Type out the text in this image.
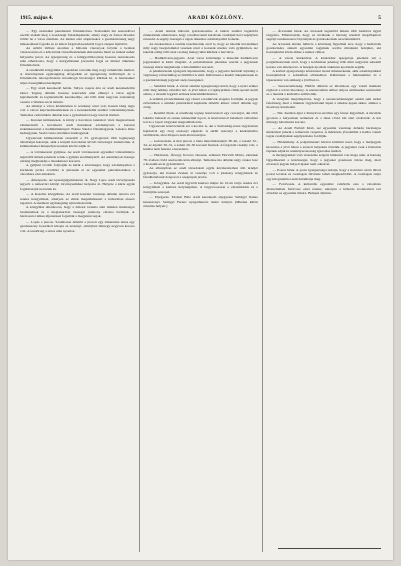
1915. május 4.	ARADI KÖZLÖNY.	5

— Egy szabadkai pénzintézet fölszámolása. Szabadkán hat esztendővel ezelőtt alakult meg a Gazdasági Takarékpénztár, amely nagy és fontos hivatást töltött be a város életében. Az intézet első alapításakor a gazdaközönség nagy lelkesedéssel fogadta és az üzleti forgalom kezdettől fogva szépen fejlődött.

Az utóbbi időben azonban a háborús viszonyok folytán a betétek visszavonása és a kölcsönök visszafizetésének elmaradása miatt az intézet nehéz helyzetbe jutott. Az igazgatóság és a felügyelőbizottság hosszas tanácskozás után elhatározta, hogy a közgyűlésnek javasolni fogja az intézet önkéntes fölszámolását.

A rendkívüli közgyűlést a napokban tartották meg nagy érdeklődés mellett. A részvényesek egyhangúlag elfogadták az igazgatóság indítványát és a fölszámolás lebonyolítására háromtagú bizottságot küldtek ki. A betéteseket teljes összegükben kielégítik.

— Egy aradi kereskedő halála. Súlyos csapás érte az aradi kereskedelmi életet. Tegnap délután hosszas szenvedés után elhunyt a város egyik legismertebb és legtiszteltebb kereskedője, aki több mint negyven esztendeig vezette a Weitzer-utcai üzletét.

Az elhunyt a város közéletében is tevékeny részt vett; hosszú ideig tagja volt a városi képviselőtestületnek és a kereskedelmi testület választmányának. Temetése csütörtökön délután lesz a gyászházból nagy részvét mellett.

— Katonai kitüntetések. A király a harctéren tanúsított vitéz magatartásuk elismeréséül a következő aradi tiszteknek adományozta a katonai érdemkeresztet a hadiékítménnyel: Fekete Sándor főhadnagynak, Lakatos Imre hadnagynak, Szabó Géza tartalékos hadnagynak.

Ugyancsak kitüntetésben részesült a 33. gyalogezred több legénységi állományú katonája, akik a kárpáti harcokban kiváló bátorságot tanúsítottak. A kitüntetéseket ünnepélyes keretek között adják át.

— A vöröskereszt gyűjtése. Az aradi vöröskereszt egyesület választmánya legutóbbi ülésén jelentést tettek a gyűjtés eredményéről. Az adományok összege ezideig meghaladja a tizenkétezer koronát.

A gyűjtést tovább folytatják és kérik a közönséget, hogy adományaikat a kórházak javára továbbra is juttassák el az egyesület pénztárnokához a városháza első emeletén.

— Áthelyezés. Az igazságügyminiszter dr. Nagy Lajos aradi törvényszéki jegyzőt a temesvári királyi törvényszékhez helyezte át. Helyére a kúria egyik fogalmazóját nevezték ki.

— A Kaszinó közgyűlése. Az aradi kaszinó vasárnap délután tartotta évi rendes közgyűlését, amelyen az elnök megemlékezett a háborúban elesett tagokról. A tisztikart egyhangúlag újraválasztották.

A közgyűlés elhatározta, hogy a háború tartama alatt minden mulatságot beszüntetnek és a megtakarított összeget jótékony célokra fordítják. A határozatot lelkes éljenzéssel fogadták a megjelent tagok.

— Lopás a piacon. Szombaton délelőtt a piacon egy ismeretlen tettes egy gazdasszony kosarából kilopta az erszényt, amelyben mintegy negyven korona volt. A rendőrség a tettes után nyomoz.

— Aradi tanítók háborús gondoskodása. A tanítói testület legutóbbi értekezletén elhatározta, hogy a hadbavonult kartársak családjait havi segélyben részesíti. A segély összegét a tagok önkéntes adományaiból fedezik.

Az értekezleten a tanítók beszámoltak arról is, hogy az iskolák növendékei mily nagy buzgalommal vesznek részt a katonák részére való gyűjtésben. Az iskolák eddig több száz csomag meleg ruhát küldtek a harctérre.

— Hadikölcsön-jegyzés. Arad város közönsége a második hadikölcsön jegyzésénél is kitett magáért. A pénzintézetek jelentése szerint a jegyzések összege máris meghaladja a hárommillió koronát.

A pénzintézetek igazgatói kijelentették, hogy a jegyzési határidő lejártáig a végösszeg valószínűleg az ötmilliót is eléri. Különösen a kisebb tőkepénzesek és a gazdaközönség jegyzett szép összegeket.

— Színházi hírek. A városi színház igazgatósága közli, hogy a nyári szünet előtt még néhány előadást tart. A jövő héten a Cigányprímás című operett kerül színre, a társulat legjobb erőinek közreműködésével.

A színház jövedelmének egy részét a hadiárvák alapjára fordítják. A jegyek elővételben a színház pénztáránál kaphatók délelőtt kilenc órától délután egy óráig.

— Rendőri hírek. A rendőrség tegnap letartóztatott egy csavargót, aki több lakásba behatolt és onnan ruhaneműt lopott. A letartóztatott beismerő vallomást tett és a lopott tárgyakat megtalálták nála.

Ugyancsak letartóztatták azt a kocsist is, aki a Szabadság-téren vigyázatlan hajtásával egy öreg asszonyt elgázolt. A sérült asszonyt a közkórházba szállították, ahol állapota nem életveszélyes.

— Gabonaárak. A mai piacon a búza métermázsájáért 38–40, a rozsért 32–34, az árpáért 30–31, a zabért 29–30 koronát fizettek. A forgalom csekély volt, a kínálat nem fedezte a keresletet.

— Halálozás. Özvegy Kovács Jánosné, született Horváth Mária, életének 78. évében rövid szenvedés után elhunyt. Temetése ma délután négy órakor lesz a Kossuth-utcai gyászházból.

Az elhunytban az aradi társadalom egyik köztiszteletben álló úrnőjét gyászolja, aki hosszú éveken át vezetője volt a jótékony nőegyletnek és fáradhatatlanul dolgozott a szegények javára.

— Közgyűlés. Az aradi ügyvédi kamara május hó 10-én tartja rendes évi közgyűlését a kamara helyiségében. A tárgysorozaton a zárszámadás és a tisztújítás szerepel.

— Eljegyzés. Molnár Béla aradi kereskedő eljegyezte Szilágyi Ilonka kisasszonyt, Szilágyi Ferenc nyugalmazott tanító leányát. (Minden külön értesítés helyett.)

— Árvaszéki hírek. Az árvaszék legutóbbi ülésén több hadiárva ügyét tárgyalta. Elhatározták, hogy az árváknak a hatóság részéről megállapított segélyt rendszeresen folyósítják és gondoskodnak neveltetésükről.

Az árvaszék elnöke felhívta a közönség figyelmét arra, hogy a hadiárvák gondozására alakult egyesület tagjainak sorába mindenki beléphet, aki hozzájárulni kíván ehhez a nemes célhoz.

— A városi közkórház. A közkórház igazgatója jelentést tett a polgármesternek arról, hogy a kórházban jelenleg több mint négyszáz sebesült katona van elhelyezve. A betegek ápolását önkéntes ápolónők segítik.

A kórház igazgatósága köszönetet mond mindazoknak, akik adományaikkal hozzájárultak a sebesültek ellátásához. Különösen a fehérneműre és a tápszerekre van szükség a jövőben is.

— Szerencsétlenség. Hétfőn délután az állomáson egy vasúti munkást elgázolt a tolató mozdony. A szerencsétlen ember súlyos sérüléseket szenvedett és a mentők a kórházba szállították.

A vizsgálat megállapította, hogy a szerencsétlenségért senkit sem terhel felelősség, mert a munkás vigyázatlanul lépett a sínekre éppen akkor, amikor a mozdony közeledett.

— Tűz. Kedden éjjel a Pernyávai-utcában egy fészer kigyulladt. A tűzoltók gyorsan a helyszínen termettek és a tüzet rövid idő alatt eloltották. A kár mintegy háromszáz korona.

— Az Aradi Futball Klub. Az egyesület vasárnap délután barátságos mérkőzést játszik a temesvári csapattal. A mérkőzés jövedelmét a hadba vonult tagok családjainak segélyezésére fordítják.

— Hirdetmény. A polgármesteri hivatal közhírré teszi, hogy a lisztjegyek kiosztása a jövő héten a szokott helyeken történik. A jegyeket csak a háztartás fejének adják ki személyazonosság igazolása mellett.

A lisztjegyekkel való visszaélés szigorú büntetést von maga után. A hatóság figyelmezteti a közönséget, hogy a jegyeket gondosan őrizze meg, mert elveszett jegyek helyett újakat nem adnak ki.

— Postai hírek. A posta igazgatósága tudatja, hogy a harctérre szóló tábori postai levelek és csomagok felvétele ismét megkezdődött. A csomagok súlya egy kilogrammot nem haladhatja meg.

— Felolvasás. A kulturális egyesület csütörtök este a városháza dísztermében felolvasó estét rendez, amelyen a háborús irodalomról tart előadást az egyesület titkára. Belépés díjtalan.
